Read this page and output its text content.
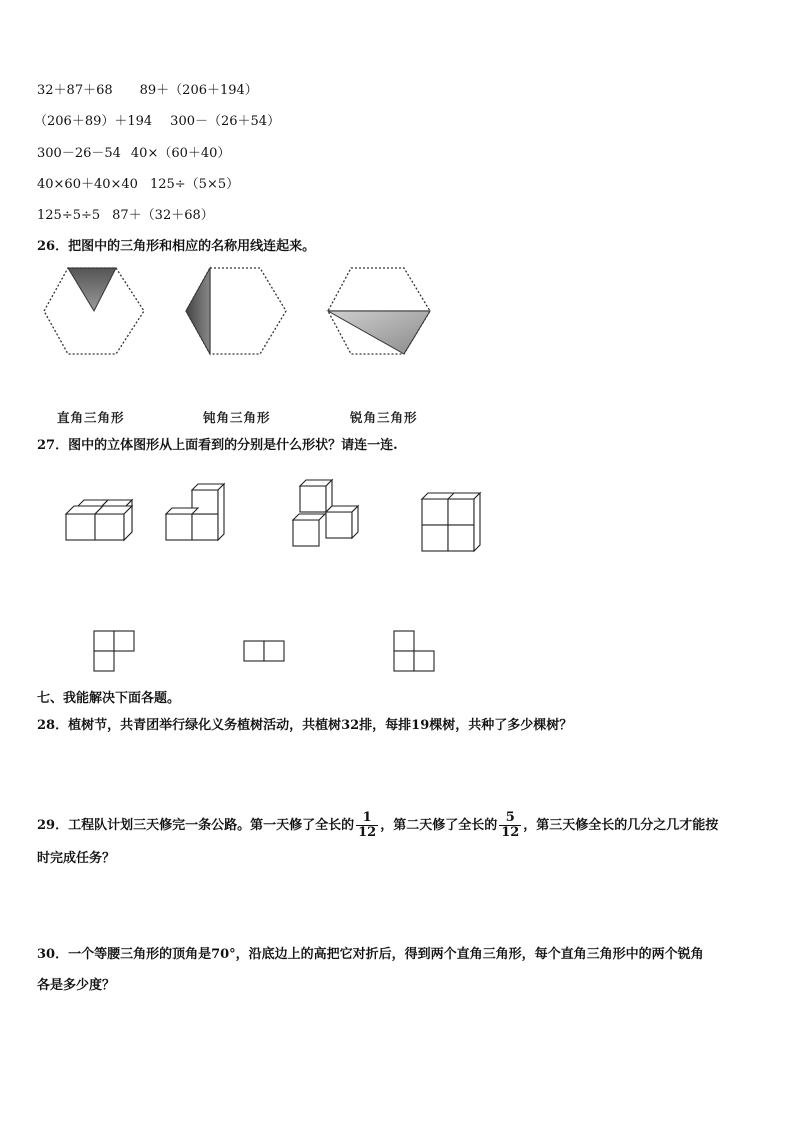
32＋87＋68 89＋（206＋194）
（206＋89）＋194 300－（26＋54）
300－26－54 40×（60＋40）
40×60＋40×40 125÷（5×5）
125÷5÷5 87＋（32＋68）
26．把图中的三角形和相应的名称用线连起来。
直角三角形	钝角三角形	锐角三角形
27．图中的立体图形从上面看到的分别是什么形状？请连一连.
七、我能解决下面各题。
28．植树节，共青团举行绿化义务植树活动，共植树32排，每排19棵树，共种了多少棵树？
29．工程队计划三天修完一条公路。第一天修了全长的 $\frac{1}{12}$ ，第二天修了全长的 $\frac{5}{12}$ ，第三天修全长的几分之几才能按
时完成任务？
30．一个等腰三角形的顶角是70°，沿底边上的高把它对折后，得到两个直角三角形，每个直角三角形中的两个锐角
各是多少度？
